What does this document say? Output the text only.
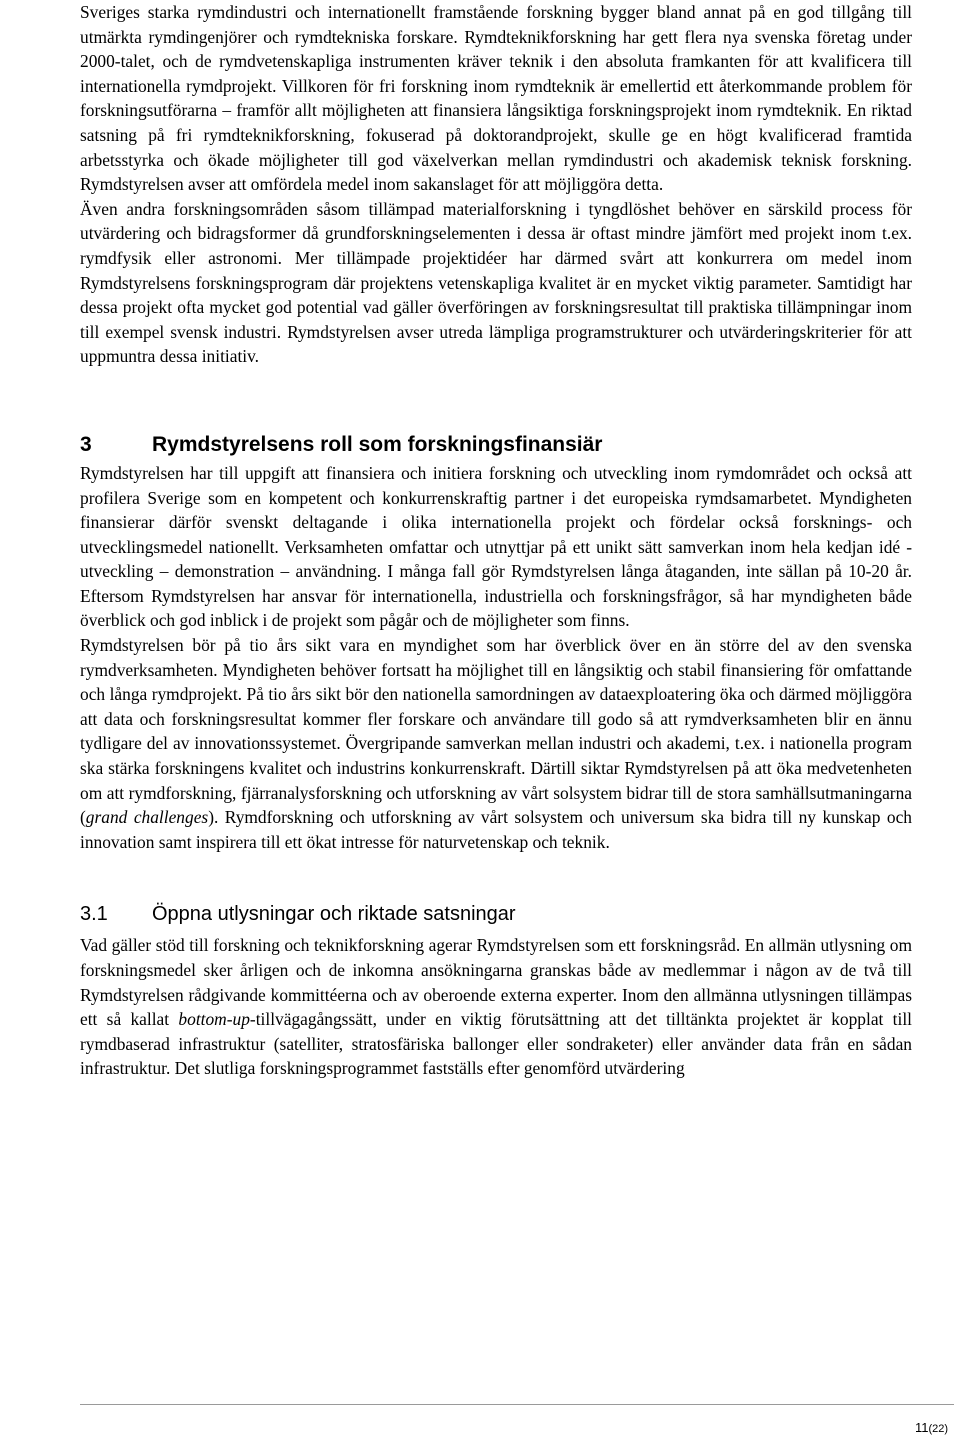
Sveriges starka rymdindustri och internationellt framstående forskning bygger bland annat på en god tillgång till utmärkta rymdingenjörer och rymdtekniska forskare. Rymdteknikforskning har gett flera nya svenska företag under 2000-talet, och de rymdvetenskapliga instrumenten kräver teknik i den absoluta framkanten för att kvalificera till internationella rymdprojekt. Villkoren för fri forskning inom rymdteknik är emellertid ett återkommande problem för forskningsutförarna – framför allt möjligheten att finansiera långsiktiga forskningsprojekt inom rymdteknik. En riktad satsning på fri rymdteknikforskning, fokuserad på doktorandprojekt, skulle ge en högt kvalificerad framtida arbetsstyrka och ökade möjligheter till god växelverkan mellan rymdindustri och akademisk teknisk forskning. Rymdstyrelsen avser att omfördela medel inom sakanslaget för att möjliggöra detta.

Även andra forskningsområden såsom tillämpad materialforskning i tyngdlöshet behöver en särskild process för utvärdering och bidragsformer då grundforskningselementen i dessa är oftast mindre jämfört med projekt inom t.ex. rymdfysik eller astronomi. Mer tillämpade projektidéer har därmed svårt att konkurrera om medel inom Rymdstyrelsens forskningsprogram där projektens vetenskapliga kvalitet är en mycket viktig parameter. Samtidigt har dessa projekt ofta mycket god potential vad gäller överföringen av forskningsresultat till praktiska tillämpningar inom till exempel svensk industri. Rymdstyrelsen avser utreda lämpliga programstrukturer och utvärderingskriterier för att uppmuntra dessa initiativ.

3	Rymdstyrelsens roll som forskningsfinansiär

Rymdstyrelsen har till uppgift att finansiera och initiera forskning och utveckling inom rymdområdet och också att profilera Sverige som en kompetent och konkurrenskraftig partner i det europeiska rymdsamarbetet. Myndigheten finansierar därför svenskt deltagande i olika internationella projekt och fördelar också forsknings- och utvecklingsmedel nationellt. Verksamheten omfattar och utnyttjar på ett unikt sätt samverkan inom hela kedjan idé - utveckling – demonstration – användning. I många fall gör Rymdstyrelsen långa åtaganden, inte sällan på 10-20 år. Eftersom Rymdstyrelsen har ansvar för internationella, industriella och forskningsfrågor, så har myndigheten både överblick och god inblick i de projekt som pågår och de möjligheter som finns.

Rymdstyrelsen bör på tio års sikt vara en myndighet som har överblick över en än större del av den svenska rymdverksamheten. Myndigheten behöver fortsatt ha möjlighet till en långsiktig och stabil finansiering för omfattande och långa rymdprojekt. På tio års sikt bör den nationella samordningen av dataexploatering öka och därmed möjliggöra att data och forskningsresultat kommer fler forskare och användare till godo så att rymdverksamheten blir en ännu tydligare del av innovationssystemet. Övergripande samverkan mellan industri och akademi, t.ex. i nationella program ska stärka forskningens kvalitet och industrins konkurrenskraft. Därtill siktar Rymdstyrelsen på att öka medvetenheten om att rymdforskning, fjärranalysforskning och utforskning av vårt solsystem bidrar till de stora samhällsutmaningarna (grand challenges). Rymdforskning och utforskning av vårt solsystem och universum ska bidra till ny kunskap och innovation samt inspirera till ett ökat intresse för naturvetenskap och teknik.

3.1	Öppna utlysningar och riktade satsningar

Vad gäller stöd till forskning och teknikforskning agerar Rymdstyrelsen som ett forskningsråd. En allmän utlysning om forskningsmedel sker årligen och de inkomna ansökningarna granskas både av medlemmar i någon av de två till Rymdstyrelsen rådgivande kommittéerna och av oberoende externa experter. Inom den allmänna utlysningen tillämpas ett så kallat bottom-up-tillvägagångssätt, under en viktig förutsättning att det tilltänkta projektet är kopplat till rymdbaserad infrastruktur (satelliter, stratosfäriska ballonger eller sondraketer) eller använder data från en sådan infrastruktur. Det slutliga forskningsprogrammet fastställs efter genomförd utvärdering

11(22)
